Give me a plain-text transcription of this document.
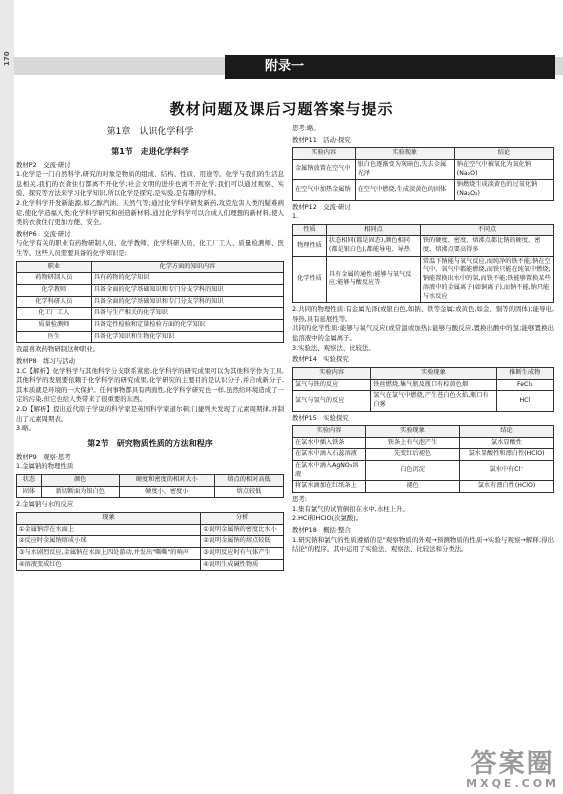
170
附录一
教材问题及课后习题答案与提示
第1章　认识化学科学
第1节　走进化学科学

教材P2　交流·研讨

1.化学是一门自然科学,研究的对象是物质的组成、结构、性质、用途等。化学与我们的生活息息相关,我们的衣食住行都离不开化学;社会文明的进步也离不开化学;我们可以通过观察、实验、探究等方法来学习化学知识,所以化学是探究,是实验,是有趣的学科。

2.化学科学开发新能源,如乙醇汽油、天然气等;通过化学科学研发新药,攻克危害人类的疑难病症,使化学造福人类;化学科学研究和创造新材料,通过化学科学可以合成人们理想的新材料,使人类的衣食住行更加方便、安全。

教材P6　交流·研讨

与化学有关的职业有药物研制人员、化学教师、化学科研人员、化工厂工人、质量检测师、医生等。这些人员需要具备的化学知识是:

职业	化学方面的知识内容
药物研制人员	具有药物的化学知识
化学教师	具备全面的化学基础知识和专门分支学科的知识
化学科研人员	具备全面的化学基础知识和专门分支学科的知识
化工厂工人	具备与生产相关的化学知识
质量检测师	具备定性检验和定量检验方面的化学知识
医生	具备化学知识和生物化学知识

我最喜欢药物研制这种职业。

教材P8　练习与活动

1.C【解析】化学科学与其他科学分支联系紧密,化学科学的研究成果可以为其他科学作为工具,其他科学的发展要依赖于化学科学的研究成果,化学研究的主要目的是认识分子,并合成新分子,其本质就是环境的一大保护。任何事物都具有两面性,化学科学研究也一样,虽然给环境造成了一定的污染,但它也给人类带来了很重要的东西。

2.D【解析】提出近代原子学说的科学家是英国科学家道尔顿;门捷列夫发现了元素周期律,并制出了元素周期表。

3.略。

第2节　研究物质性质的方法和程序

教材P9　观察·思考

1.金属钠的物理性质

状态	颜色	硬度和密度的相对大小	熔点的相对高低
固体	新切断面为银白色	硬度小、密度小	熔点较低

2.金属钠与水的反应

现象	分析
①金属钠浮在水面上	①说明金属钠的密度比水小
②反应时金属钠熔成小球	②说明金属钠的熔点较低
③与水剧烈反应,金属钠在水面上四处游动,并发出"嘶嘶"的响声	③说明反应时有气体产生
④溶液变成红色	④说明生成碱性物质

思考:略。

教材P11　活动·探究

实验内容	实验现象	结论
金属钠放置在空气中	银白色逐渐变为灰暗色,失去金属光泽	钠在空气中被氧化为氧化钠(Na₂O)
在空气中加热金属钠	在空气中燃烧,生成淡黄色的固体	钠燃烧生成淡黄色的过氧化钠(Na₂O₂)

教材P12　交流·研讨

1.

性质	相同点	不同点
物理性质	状态相同(都是固态),颜色相同(都是银白色),都能导电、导热	铁的硬度、密度、熔沸点都比钠的硬度、密度、熔沸点要高得多
化学性质	具有金属的通性:能够与氧气反应;能够与酸反应等	常温下钠能与氧气反应,而纯净的铁不能;钠在空气中、氧气中都能燃烧,而铁只能在纯氧中燃烧;钠能置换出水中的氢,而铁不能;铁能够置换某些溶液中的金属离子(如铜离子),而钠不能,钠只能与水反应

2.共同的物理性质:有金属光泽(或银白色,如钠、铁等金属;或黄色,如金、铜等的固体);能导电,导热,具有延展性等。

共同的化学性质:能够与氧气反应(或常温或加热);能够与酸反应,置换出酸中的氢;能够置换出盐溶液中的金属离子。

3.实验法、观察法、比较法。

教材P14　实验探究

实验内容	实验现象	推断生成物
氯气与铁的反应	铁丝燃烧,集气瓶及瓶口有棕黄色烟	FeCl₃
氯气与氢气的反应	氢气在氯气中燃烧,产生苍白色火焰,瓶口有白雾	HCl

教材P15　实验探究

实验内容	实验现象	结论
在氯水中插入铁条	铁条上有气泡产生	氯水显酸性
在氯水中滴入石蕊溶液	先变红后褪色	氯水显酸性和漂白性(HClO)
在氯水中滴入AgNO₃溶液	白色沉淀	氯水中有Cl⁻
将氯水滴加在红纸条上	褪色	氯水有漂白性(HClO)

思考:

1.集有氯气的试管倒扣在水中,水柱上升。

2.HCl和HClO(次氯酸)。

教材P18　概括·整合

1.研究钠和氯气的性质遵循的是"观察物质的外观→预测物质的性质→实验与观察→解释,得出结论"的程序。其中运用了实验法、观察法、比较法和分类法。

答案圈
MXQE.COM
